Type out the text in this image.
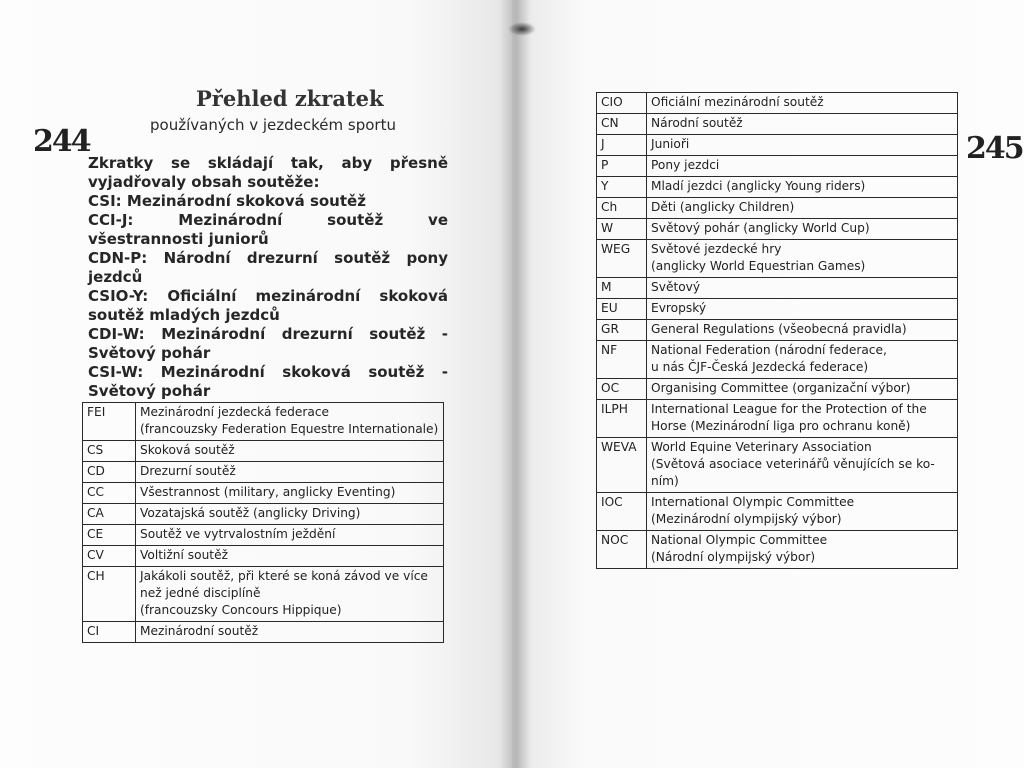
244
Přehled zkratek
používaných v jezdeckém sportu

Zkratky se skládají tak, aby přesně vyjadřovaly obsah soutěže:

CSI: Mezinárodní skoková soutěž

CCI-J: Mezinárodní soutěž ve všestrannosti juniorů

CDN-P: Národní drezurní soutěž pony jezdců

CSIO-Y: Oficiální mezinárodní skoková soutěž mladých jezdců

CDI-W: Mezinárodní drezurní soutěž - Světový pohár

CSI-W: Mezinárodní skoková soutěž - Světový pohár

FEI	Mezinárodní jezdecká federace
(francouzsky Federation Equestre Internationale)

CS	Skoková soutěž

CD	Drezurní soutěž

CC	Všestrannost (military, anglicky Eventing)

CA	Vozatajská soutěž (anglicky Driving)

CE	Soutěž ve vytrvalostním ježdění

CV	Voltižní soutěž

CH	Jakákoli soutěž, při které se koná závod ve více
než jedné disciplíně
(francouzsky Concours Hippique)

CI	Mezinárodní soutěž
245
CIO	Oficiální mezinárodní soutěž

CN	Národní soutěž

J	Junioři

P	Pony jezdci

Y	Mladí jezdci (anglicky Young riders)

Ch	Děti (anglicky Children)

W	Světový pohár (anglicky World Cup)

WEG	Světové jezdecké hry
(anglicky World Equestrian Games)

M	Světový

EU	Evropský

GR	General Regulations (všeobecná pravidla)

NF	National Federation (národní federace,
u nás ČJF-Česká Jezdecká federace)

OC	Organising Committee (organizační výbor)

ILPH	International League for the Protection of the
Horse (Mezinárodní liga pro ochranu koně)

WEVA	World Equine Veterinary Association
(Světová asociace veterinářů věnujících se ko-
ním)

IOC	International Olympic Committee
(Mezinárodní olympijský výbor)

NOC	National Olympic Committee
(Národní olympijský výbor)
